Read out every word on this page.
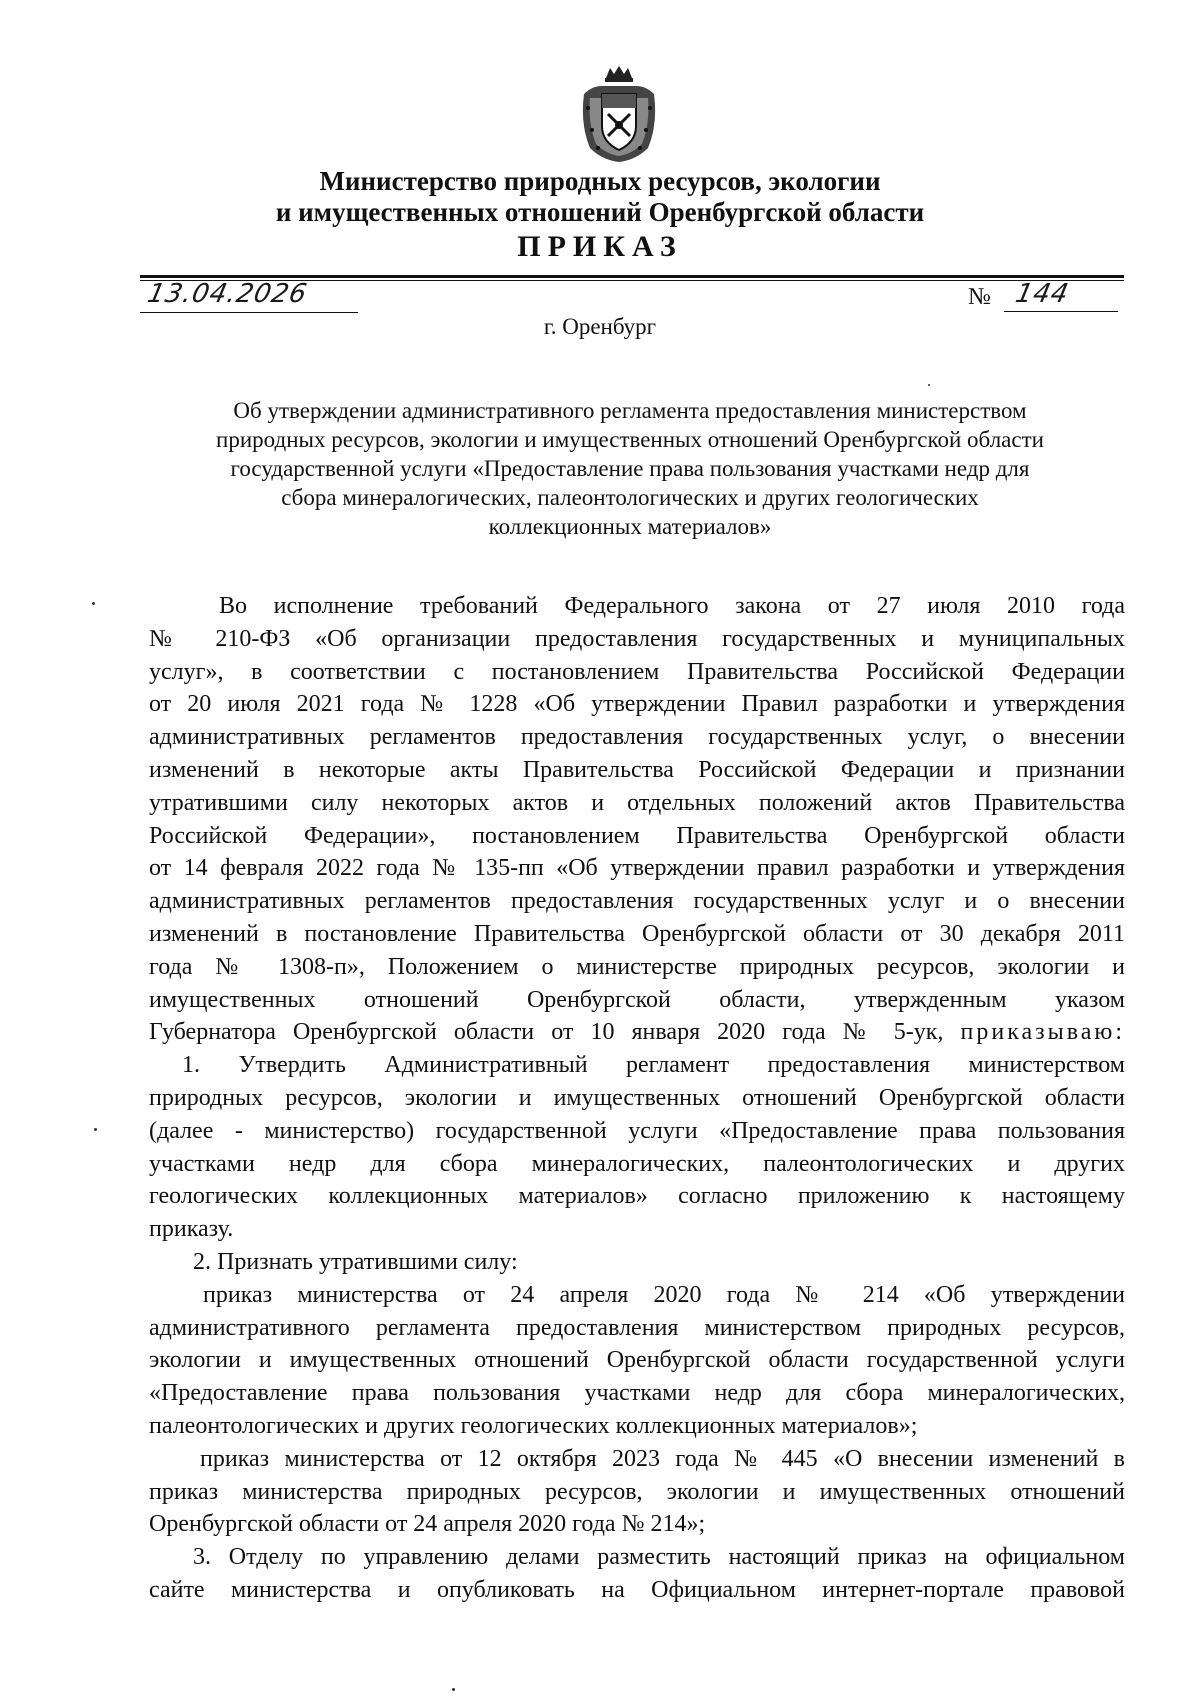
Министерство природных ресурсов, экологии
и имущественных отношений Оренбургской области
ПРИКАЗ
13.04.2026	№ 144
г. Оренбург
Об утверждении административного регламента предоставления министерством
природных ресурсов, экологии и имущественных отношений Оренбургской области
государственной услуги «Предоставление права пользования участками недр для
сбора минералогических, палеонтологических и других геологических
коллекционных материалов»
Во исполнение требований Федерального закона от 27 июля 2010 года
№ 210-ФЗ «Об организации предоставления государственных и муниципальных
услуг», в соответствии с постановлением Правительства Российской Федерации
от 20 июля 2021 года № 1228 «Об утверждении Правил разработки и утверждения
административных регламентов предоставления государственных услуг, о внесении
изменений в некоторые акты Правительства Российской Федерации и признании
утратившими силу некоторых актов и отдельных положений актов Правительства
Российской Федерации», постановлением Правительства Оренбургской области
от 14 февраля 2022 года № 135-пп «Об утверждении правил разработки и утверждения
административных регламентов предоставления государственных услуг и о внесении
изменений в постановление Правительства Оренбургской области от 30 декабря 2011
года № 1308-п», Положением о министерстве природных ресурсов, экологии и
имущественных отношений Оренбургской области, утвержденным указом
Губернатора Оренбургской области от 10 января 2020 года № 5-ук, приказываю:
1. Утвердить Административный регламент предоставления министерством
природных ресурсов, экологии и имущественных отношений Оренбургской области
(далее - министерство) государственной услуги «Предоставление права пользования
участками недр для сбора минералогических, палеонтологических и других
геологических коллекционных материалов» согласно приложению к настоящему
приказу.
2. Признать утратившими силу:
приказ министерства от 24 апреля 2020 года № 214 «Об утверждении
административного регламента предоставления министерством природных ресурсов,
экологии и имущественных отношений Оренбургской области государственной услуги
«Предоставление права пользования участками недр для сбора минералогических,
палеонтологических и других геологических коллекционных материалов»;
приказ министерства от 12 октября 2023 года № 445 «О внесении изменений в
приказ министерства природных ресурсов, экологии и имущественных отношений
Оренбургской области от 24 апреля 2020 года № 214»;
3. Отделу по управлению делами разместить настоящий приказ на официальном
сайте министерства и опубликовать на Официальном интернет-портале правовой
